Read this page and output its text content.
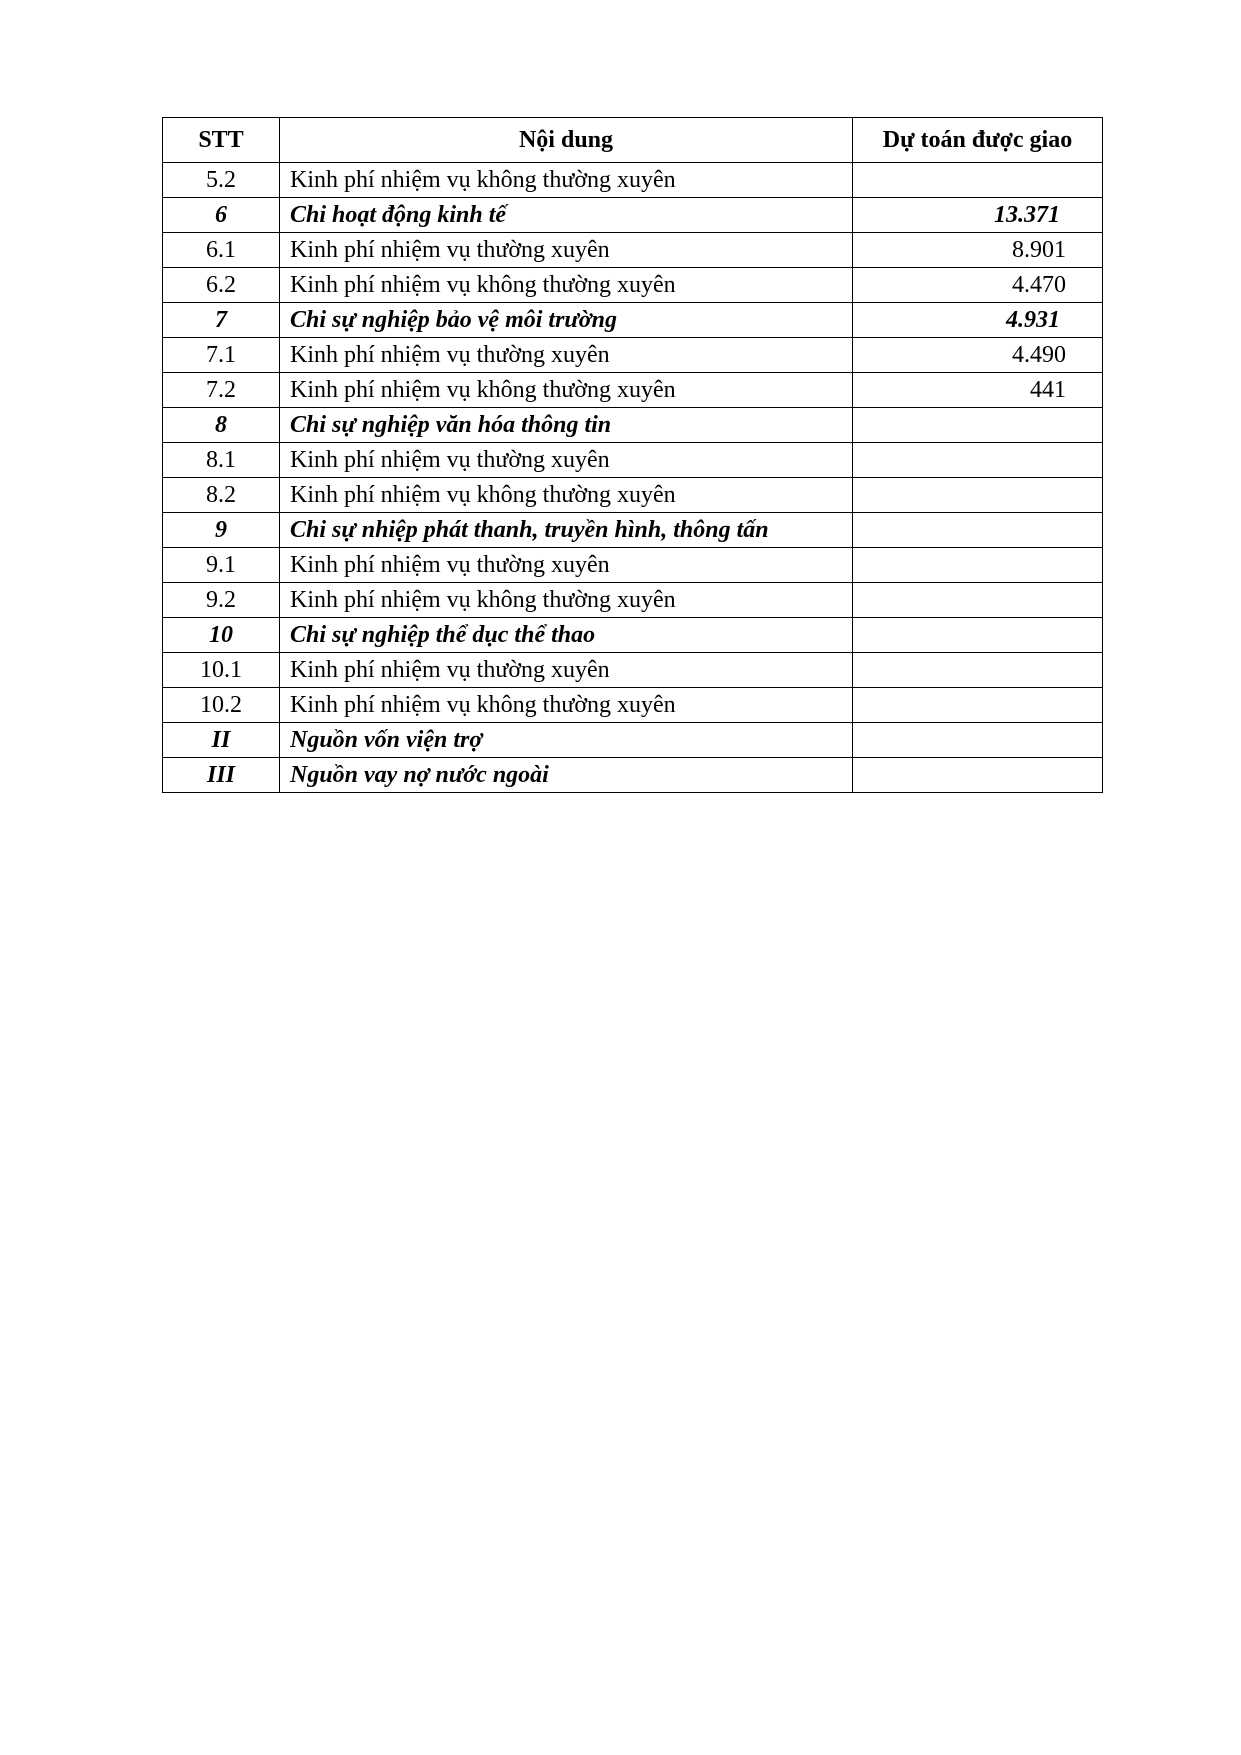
STT	Nội dung	Dự toán được giao
5.2	Kinh phí nhiệm vụ không thường xuyên	
6	Chi hoạt động kinh tế	13.371
6.1	Kinh phí nhiệm vụ thường xuyên	8.901
6.2	Kinh phí nhiệm vụ không thường xuyên	4.470
7	Chi sự nghiệp bảo vệ môi trường	4.931
7.1	Kinh phí nhiệm vụ thường xuyên	4.490
7.2	Kinh phí nhiệm vụ không thường xuyên	441
8	Chi sự nghiệp văn hóa thông tin	
8.1	Kinh phí nhiệm vụ thường xuyên	
8.2	Kinh phí nhiệm vụ không thường xuyên	
9	Chi sự nhiệp phát thanh, truyền hình, thông tấn	
9.1	Kinh phí nhiệm vụ thường xuyên	
9.2	Kinh phí nhiệm vụ không thường xuyên	
10	Chi sự nghiệp thể dục thể thao	
10.1	Kinh phí nhiệm vụ thường xuyên	
10.2	Kinh phí nhiệm vụ không thường xuyên	
II	Nguồn vốn viện trợ	
III	Nguồn vay nợ nước ngoài	
